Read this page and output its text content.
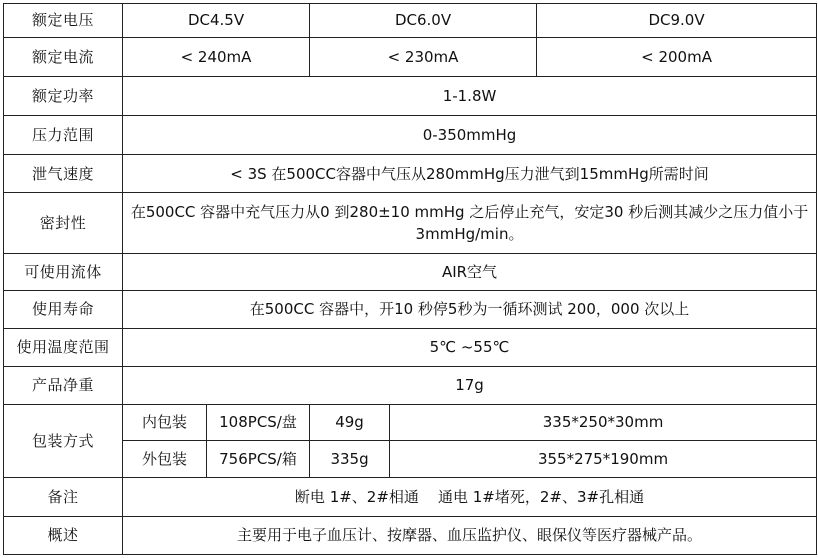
额定电压	DC4.5V		DC6.0V		DC9.0V
额定电流	< 240mA		< 230mA		< 200mA
额定功率	1-1.8W				
压力范围	0-350mmHg				
泄气速度	< 3S 在500CC容器中气压从280mmHg压力泄气到15mmHg所需时间				
密封性	在500CC 容器中充气压力从0 到280±10 mmHg 之后停止充气，安定30 秒后测其减少之压力值小于3mmHg/min。				
可使用流体	AIR空气				
使用寿命	在500CC 容器中，开10 秒停5秒为一循环测试 200，000 次以上				
使用温度范围	5℃ ~55℃				
产品净重	17g				
包装方式	内包装	108PCS/盘	49g	335*250*30mm	
	外包装	756PCS/箱	335g	355*275*190mm	
备注	断电 1#、2#相通    通电 1#堵死，2#、3#孔相通				
概述	主要用于电子血压计、按摩器、血压监护仪、眼保仪等医疗器械产品。				
